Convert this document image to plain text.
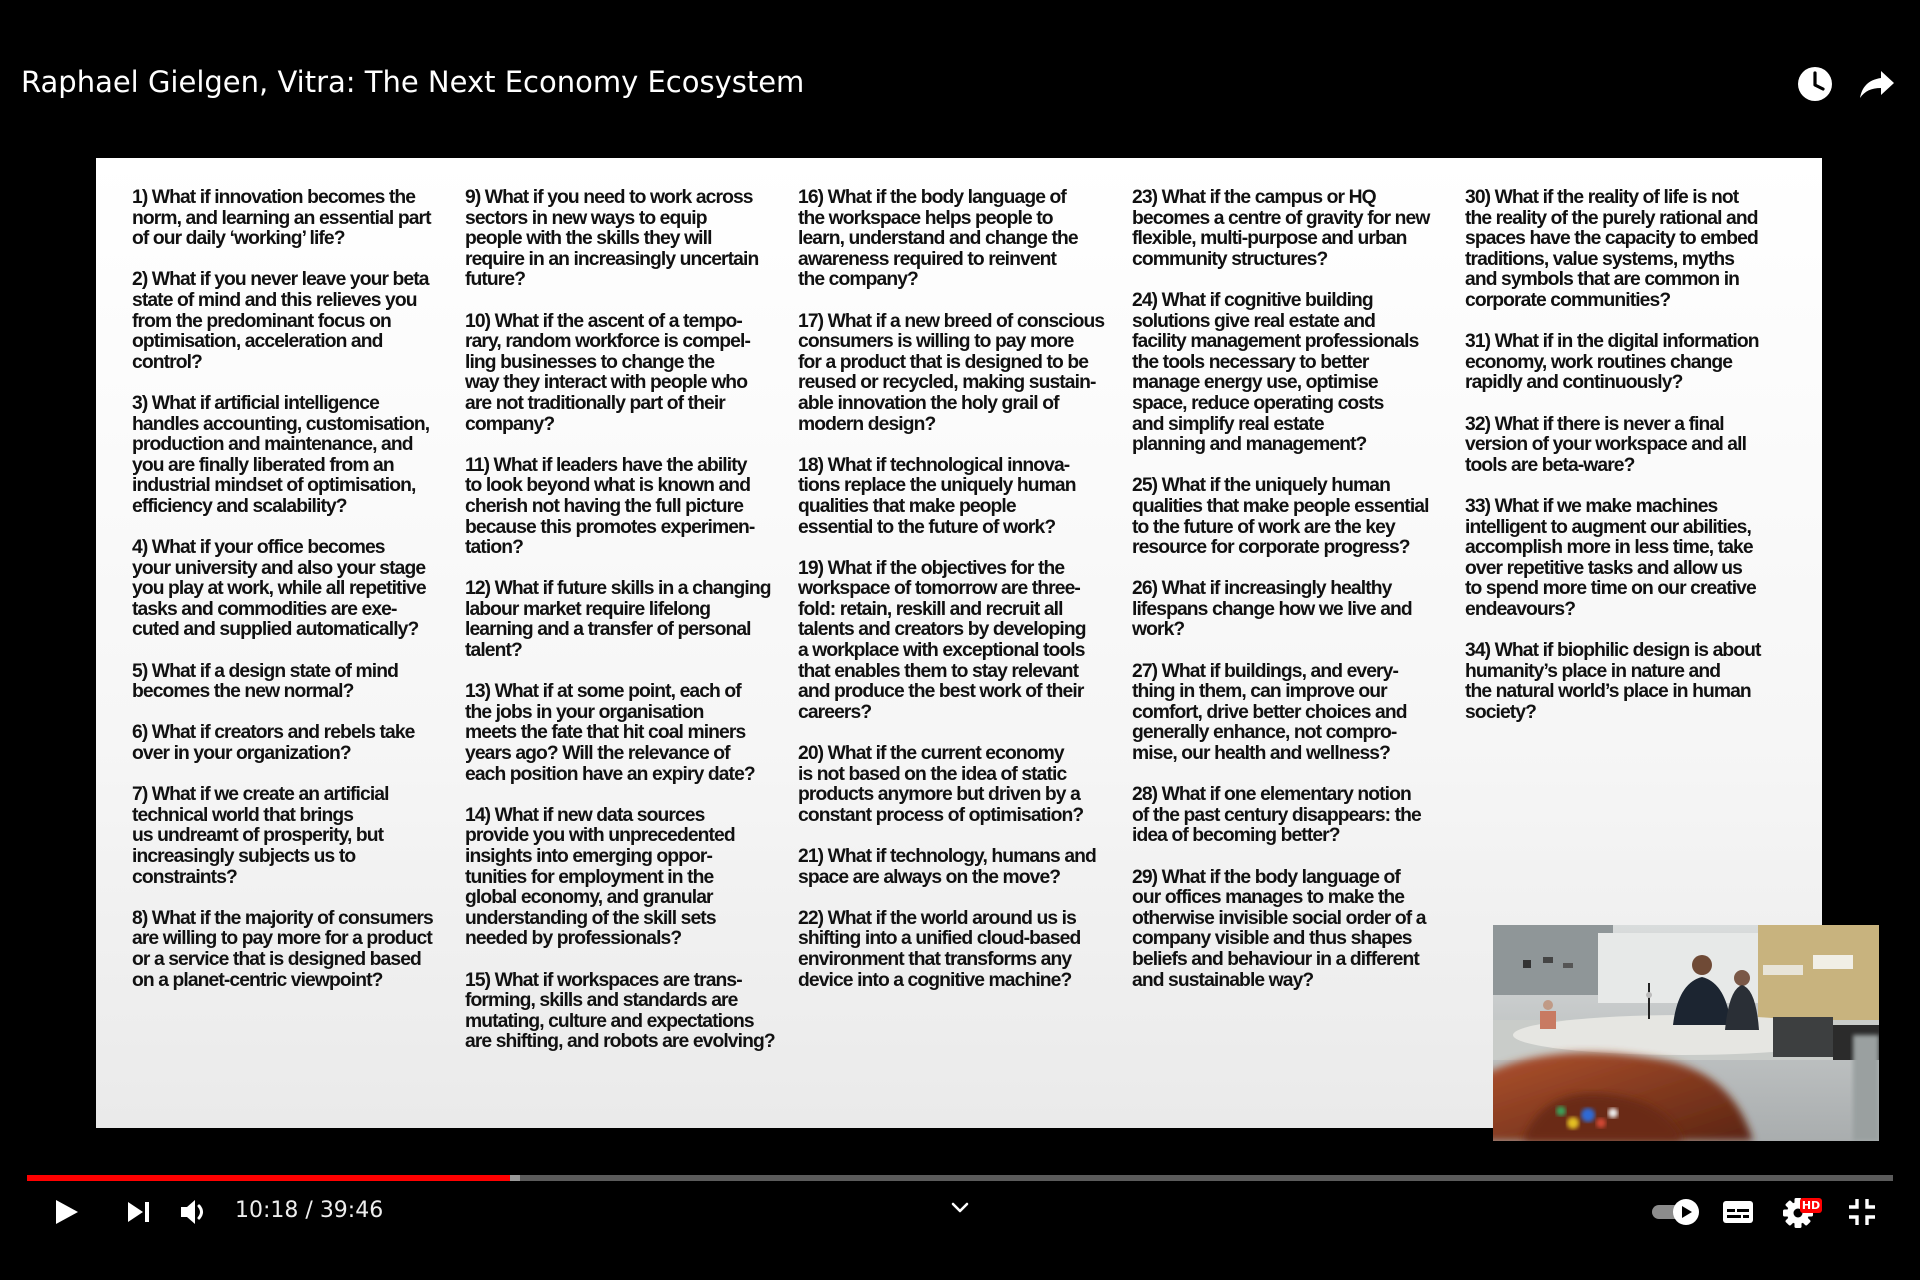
Raphael Gielgen, Vitra: The Next Economy Ecosystem
1) What if innovation becomes the
norm, and learning an essential part
of our daily ‘working’ life?
2) What if you never leave your beta
state of mind and this relieves you
from the predominant focus on
optimisation, acceleration and
control?
3) What if artificial intelligence
handles accounting, customisation,
production and maintenance, and
you are finally liberated from an
industrial mindset of optimisation,
efficiency and scalability?
4) What if your office becomes
your university and also your stage
you play at work, while all repetitive
tasks and commodities are exe-
cuted and supplied automatically?
5) What if a design state of mind
becomes the new normal?
6) What if creators and rebels take
over in your organization?
7) What if we create an artificial
technical world that brings
us undreamt of prosperity, but
increasingly subjects us to
constraints?
8) What if the majority of consumers
are willing to pay more for a product
or a service that is designed based
on a planet-centric viewpoint?
9) What if you need to work across
sectors in new ways to equip
people with the skills they will
require in an increasingly uncertain
future?
10) What if the ascent of a tempo-
rary, random workforce is compel-
ling businesses to change the
way they interact with people who
are not traditionally part of their
company?
11) What if leaders have the ability
to look beyond what is known and
cherish not having the full picture
because this promotes experimen-
tation?
12) What if future skills in a changing
labour market require lifelong
learning and a transfer of personal
talent?
13) What if at some point, each of
the jobs in your organisation
meets the fate that hit coal miners
years ago? Will the relevance of
each position have an expiry date?
14) What if new data sources
provide you with unprecedented
insights into emerging oppor-
tunities for employment in the
global economy, and granular
understanding of the skill sets
needed by professionals?
15) What if workspaces are trans-
forming, skills and standards are
mutating, culture and expectations
are shifting, and robots are evolving?
16) What if the body language of
the workspace helps people to
learn, understand and change the
awareness required to reinvent
the company?
17) What if a new breed of conscious
consumers is willing to pay more
for a product that is designed to be
reused or recycled, making sustain-
able innovation the holy grail of
modern design?
18) What if technological innova-
tions replace the uniquely human
qualities that make people
essential to the future of work?
19) What if the objectives for the
workspace of tomorrow are three-
fold: retain, reskill and recruit all
talents and creators by developing
a workplace with exceptional tools
that enables them to stay relevant
and produce the best work of their
careers?
20) What if the current economy
is not based on the idea of static
products anymore but driven by a
constant process of optimisation?
21) What if technology, humans and
space are always on the move?
22) What if the world around us is
shifting into a unified cloud-based
environment that transforms any
device into a cognitive machine?
23) What if the campus or HQ
becomes a centre of gravity for new
flexible, multi-purpose and urban
community structures?
24) What if cognitive building
solutions give real estate and
facility management professionals
the tools necessary to better
manage energy use, optimise
space, reduce operating costs
and simplify real estate
planning and management?
25) What if the uniquely human
qualities that make people essential
to the future of work are the key
resource for corporate progress?
26) What if increasingly healthy
lifespans change how we live and
work?
27) What if buildings, and every-
thing in them, can improve our
comfort, drive better choices and
generally enhance, not compro-
mise, our health and wellness?
28) What if one elementary notion
of the past century disappears: the
idea of becoming better?
29) What if the body language of
our offices manages to make the
otherwise invisible social order of a
company visible and thus shapes
beliefs and behaviour in a different
and sustainable way?
30) What if the reality of life is not
the reality of the purely rational and
spaces have the capacity to embed
traditions, value systems, myths
and symbols that are common in
corporate communities?
31) What if in the digital information
economy, work routines change
rapidly and continuously?
32) What if there is never a final
version of your workspace and all
tools are beta-ware?
33) What if we make machines
intelligent to augment our abilities,
accomplish more in less time, take
over repetitive tasks and allow us
to spend more time on our creative
endeavours?
34) What if biophilic design is about
humanity’s place in nature and
the natural world’s place in human
society?
10:18 / 39:46	HD
